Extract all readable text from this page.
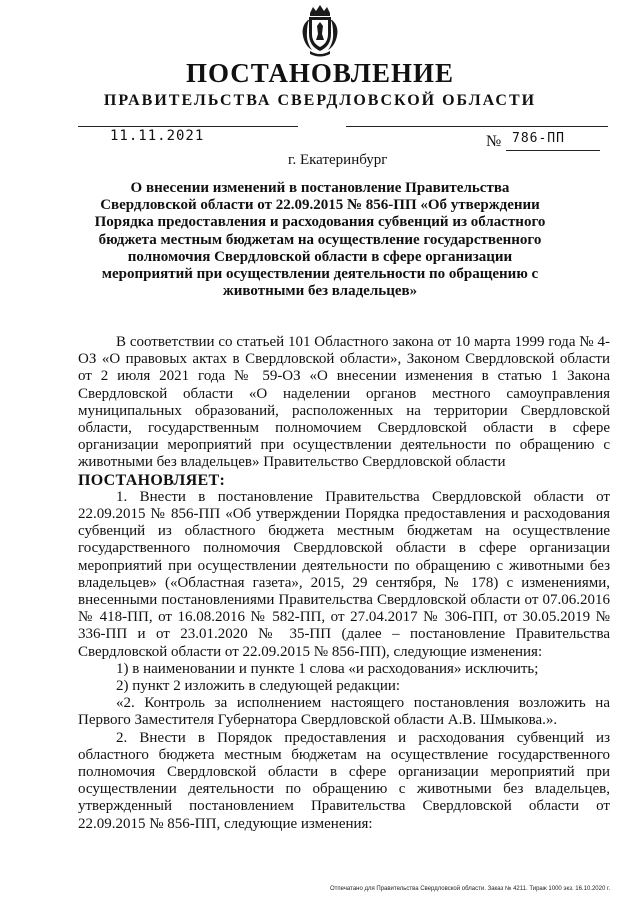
ПОСТАНОВЛЕНИЕ
ПРАВИТЕЛЬСТВА СВЕРДЛОВСКОЙ ОБЛАСТИ
11.11.2021	№ 786-ПП
г. Екатеринбург

О внесении изменений в постановление Правительства Свердловской области от 22.09.2015 № 856-ПП «Об утверждении Порядка предоставления и расходования субвенций из областного бюджета местным бюджетам на осуществление государственного полномочия Свердловской области в сфере организации мероприятий при осуществлении деятельности по обращению с животными без владельцев»

В соответствии со статьей 101 Областного закона от 10 марта 1999 года № 4-ОЗ «О правовых актах в Свердловской области», Законом Свердловской области от 2 июля 2021 года № 59-ОЗ «О внесении изменения в статью 1 Закона Свердловской области «О наделении органов местного самоуправления муниципальных образований, расположенных на территории Свердловской области, государственным полномочием Свердловской области в сфере организации мероприятий при осуществлении деятельности по обращению с животными без владельцев» Правительство Свердловской области

ПОСТАНОВЛЯЕТ:

1. Внести в постановление Правительства Свердловской области от 22.09.2015 № 856-ПП «Об утверждении Порядка предоставления и расходования субвенций из областного бюджета местным бюджетам на осуществление государственного полномочия Свердловской области в сфере организации мероприятий при осуществлении деятельности по обращению с животными без владельцев» («Областная газета», 2015, 29 сентября, № 178) с изменениями, внесенными постановлениями Правительства Свердловской области от 07.06.2016 № 418-ПП, от 16.08.2016 № 582-ПП, от 27.04.2017 № 306-ПП, от 30.05.2019 № 336-ПП и от 23.01.2020 № 35-ПП (далее – постановление Правительства Свердловской области от 22.09.2015 № 856-ПП), следующие изменения:

1) в наименовании и пункте 1 слова «и расходования» исключить;

2) пункт 2 изложить в следующей редакции:

«2. Контроль за исполнением настоящего постановления возложить на Первого Заместителя Губернатора Свердловской области А.В. Шмыкова.».

2. Внести в Порядок предоставления и расходования субвенций из областного бюджета местным бюджетам на осуществление государственного полномочия Свердловской области в сфере организации мероприятий при осуществлении деятельности по обращению с животными без владельцев, утвержденный постановлением Правительства Свердловской области от 22.09.2015 № 856-ПП, следующие изменения:

Отпечатано для Правительства Свердловской области. Заказ № 4211. Тираж 1000 экз. 16.10.2020 г.
